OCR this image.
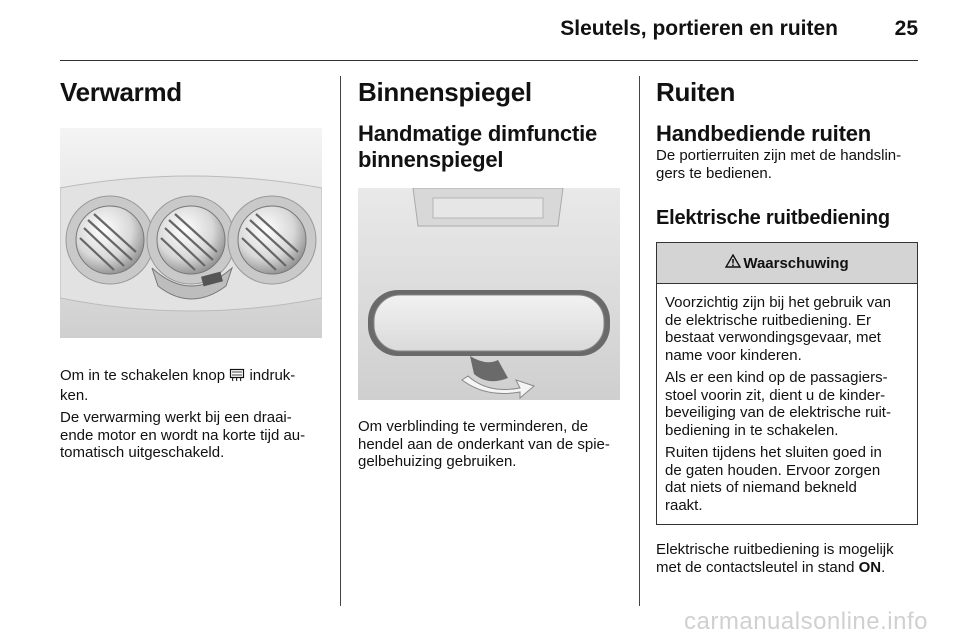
Sleutels, portieren en ruiten	25
Verwarmd

Om in te schakelen knop indruk-
ken.

De verwarming werkt bij een draai-
ende motor en wordt na korte tijd au-
tomatisch uitgeschakeld.

Binnenspiegel
Handmatige dimfunctie
binnenspiegel

Om verblinding te verminderen, de
hendel aan de onderkant van de spie-
gelbehuizing gebruiken.

Ruiten
Handbediende ruiten

De portierruiten zijn met de handslin-
gers te bedienen.

Elektrische ruitbediening
Waarschuwing

Voorzichtig zijn bij het gebruik van
de elektrische ruitbediening. Er
bestaat verwondingsgevaar, met
name voor kinderen.

Als er een kind op de passagiers-
stoel voorin zit, dient u de kinder-
beveiliging van de elektrische ruit-
bediening in te schakelen.

Ruiten tijdens het sluiten goed in
de gaten houden. Ervoor zorgen
dat niets of niemand bekneld
raakt.

Elektrische ruitbediening is mogelijk
met de contactsleutel in stand ON.

carmanualsonline.info
